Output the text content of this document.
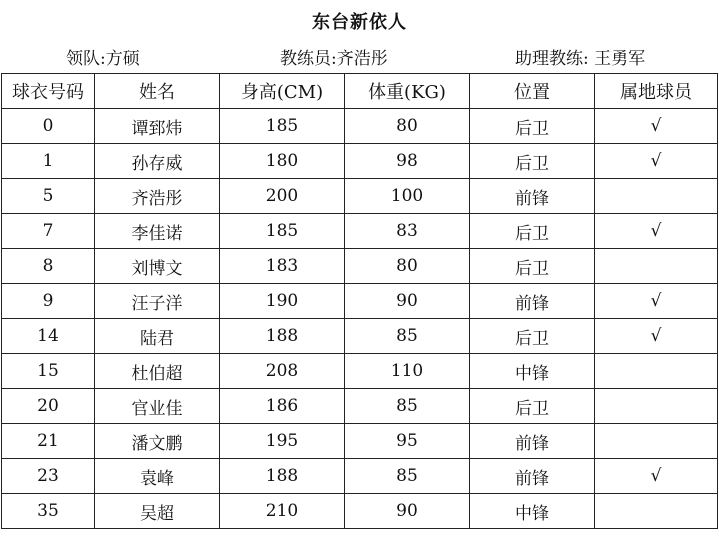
东台新依人
领队:方硕	教练员:齐浩彤	助理教练: 王勇军
球衣号码	姓名	身高(CM)	体重(KG)	位置	属地球员
0	谭郅炜	185	80	后卫	√
1	孙存威	180	98	后卫	√
5	齐浩彤	200	100	前锋	
7	李佳诺	185	83	后卫	√
8	刘博文	183	80	后卫	
9	汪子洋	190	90	前锋	√
14	陆君	188	85	后卫	√
15	杜伯超	208	110	中锋	
20	官业佳	186	85	后卫	
21	潘文鹏	195	95	前锋	
23	袁峰	188	85	前锋	√
35	吴超	210	90	中锋	
